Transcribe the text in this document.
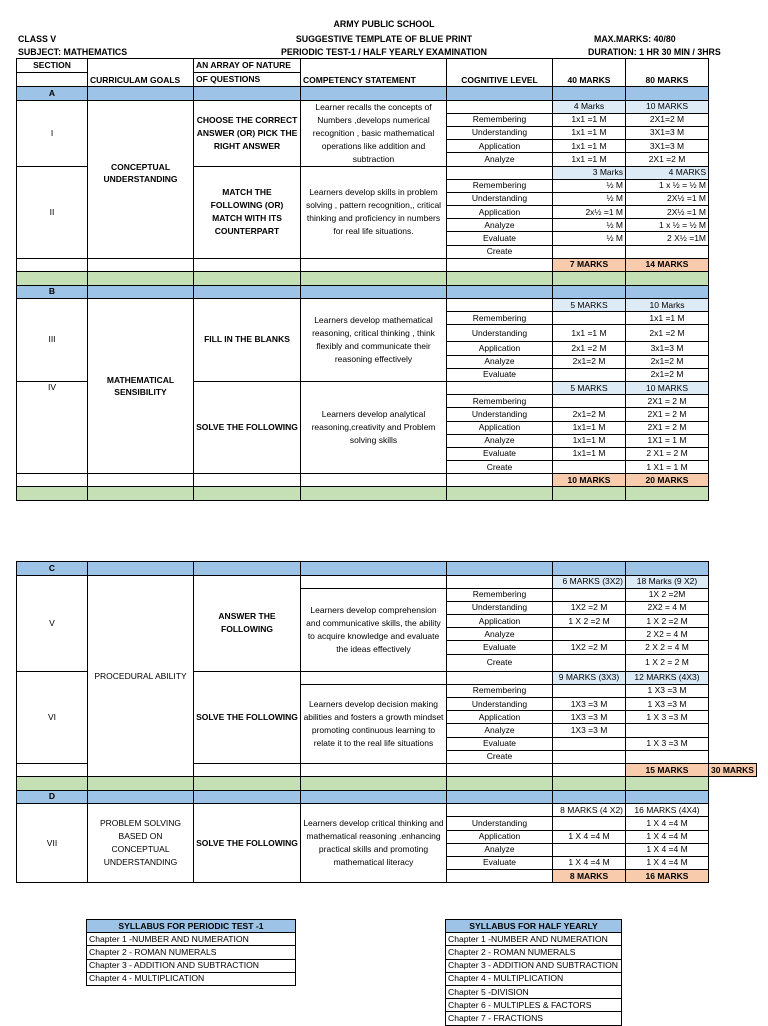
ARMY PUBLIC SCHOOL
CLASS V	SUGGESTIVE TEMPLATE OF BLUE PRINT	MAX.MARKS: 40/80
SUBJECT: MATHEMATICS	PERIODIC TEST-1 / HALF YEARLY EXAMINATION	DURATION: 1 HR 30 MIN / 3HRS
SECTION	CURRICULAM GOALS	AN ARRAY OF NATURE	COMPETENCY STATEMENT	COGNITIVE LEVEL	40 MARKS	80 MARKS
		OF QUESTIONS				
A						
I	CONCEPTUAL UNDERSTANDING	CHOOSE THE CORRECT ANSWER (OR) PICK THE RIGHT ANSWER	Learner recalls the concepts of Numbers ,develops numerical recognition , basic mathematical operations like addition and subtraction		4 Marks	10 MARKS
				Remembering	1x1 =1 M	2X1=2 M
				Understanding	1x1 =1 M	3X1=3 M
				Application	1x1 =1 M	3X1=3 M
				Analyze	1x1 =1 M	2X1 =2 M
II		MATCH THE FOLLOWING (OR) MATCH WITH ITS COUNTERPART	Learners develop skills in problem solving , pattern recognition,, critical thinking and proficiency in numbers for real life situations.		3 Marks	4 MARKS
				Remembering	½ M	1 x ½ = ½ M
				Understanding	½ M	2X½ =1 M
				Application	2x½ =1 M	2X½ =1 M
				Analyze	½ M	1 x ½ = ½ M
				Evaluate	½ M	2 X½ =1M
				Create		
					7 MARKS	14 MARKS

B						
III	MATHEMATICAL SENSIBILITY	FILL IN THE BLANKS	Learners develop mathematical reasoning, critical thinking , think flexibly and communicate their reasoning effectively		5 MARKS	10 Marks
				Remembering		1x1 =1 M
				Understanding	1x1 =1 M	2x1 =2 M
				Application	2x1 =2 M	3x1=3 M
				Analyze	2x1=2 M	2x1=2 M
				Evaluate		2x1=2 M
IV		SOLVE THE FOLLOWING	Learners develop analytical reasoning,creativity and Problem solving skills		5 MARKS	10 MARKS
				Remembering		2X1 = 2 M
				Understanding	2x1=2 M	2X1 = 2 M
				Application	1x1=1 M	2X1 = 2 M
				Analyze	1x1=1 M	1X1 = 1 M
				Evaluate	1x1=1 M	2 X1 = 2 M
				Create		1 X1 = 1 M
					10 MARKS	20 MARKS

C							
V	PROCEDURAL ABILITY	ANSWER THE FOLLOWING			6 MARKS (3X2)	18 Marks (9 X2)	
			Learners develop comprehension and communicative skills, the ability to acquire knowledge and evaluate the ideas effectively	Remembering		1X 2 =2M	
				Understanding	1X2 =2 M	2X2 = 4 M	
				Application	1 X 2 =2 M	1 X 2 =2 M	
				Analyze		2 X2 = 4 M	
				Evaluate	1X2 =2 M	2 X 2 = 4 M	
				Create		1 X 2 = 2 M	
VI		SOLVE THE FOLLOWING			9 MARKS (3X3)	12 MARKS (4X3)	
			Learners develop decision making abilities and fosters a growth mindset promoting continuous learning to relate it to the real life situations	Remembering		1 X3 =3 M	
				Understanding	1X3 =3 M	1 X3 =3 M	
				Application	1X3 =3 M	1 X 3 =3 M	
				Analyze	1X3 =3 M		
				Evaluate		1 X 3 =3 M	
				Create			
						15 MARKS	30 MARKS

D							
VII	PROBLEM SOLVING BASED ON CONCEPTUAL UNDERSTANDING	SOLVE THE FOLLOWING	Learners develop critical thinking and mathematical reasoning .enhancing practical skills and promoting mathematical literacy		8 MARKS (4 X2)	16 MARKS (4X4)	
				Understanding		1 X 4 =4 M	
				Application	1 X 4 =4 M	1 X 4 =4 M	
				Analyze		1 X 4 =4 M	
				Evaluate	1 X 4 =4 M	1 X 4 =4 M	
					8 MARKS	16 MARKS	
SYLLABUS FOR PERIODIC TEST -1
Chapter 1 -NUMBER AND NUMERATION
Chapter 2 - ROMAN NUMERALS
Chapter 3 - ADDITION AND SUBTRACTION
Chapter 4 - MULTIPLICATION
SYLLABUS FOR HALF YEARLY
Chapter 1 -NUMBER AND NUMERATION
Chapter 2 - ROMAN NUMERALS
Chapter 3 - ADDITION AND SUBTRACTION
Chapter 4 - MULTIPLICATION
Chapter 5 -DIVISION
Chapter 6 - MULTIPLES & FACTORS
Chapter 7 - FRACTIONS
